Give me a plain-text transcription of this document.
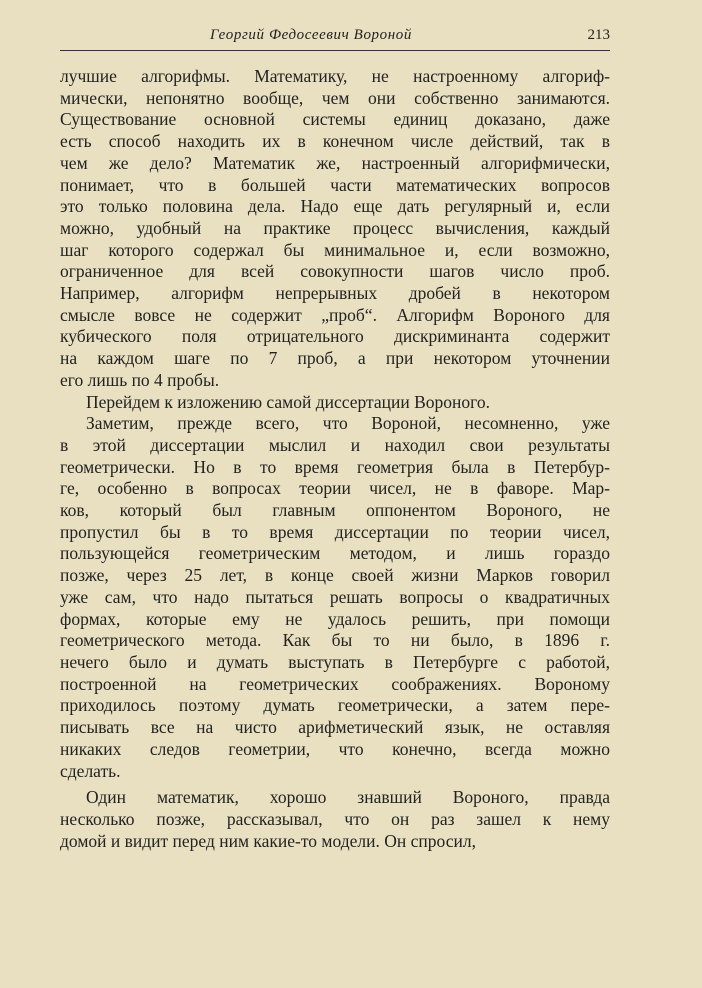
Георгий Федосеевич Вороной	213
лучшие алгорифмы. Математику, не настроенному алгориф-
мически, непонятно вообще, чем они собственно занимаются.
Существование основной системы единиц доказано, даже
есть способ находить их в конечном числе действий, так в
чем же дело? Математик же, настроенный алгорифмически,
понимает, что в большей части математических вопросов
это только половина дела. Надо еще дать регулярный и, если
можно, удобный на практике процесс вычисления, каждый
шаг которого содержал бы минимальное и, если возможно,
ограниченное для всей совокупности шагов число проб.
Например, алгорифм непрерывных дробей в некотором
смысле вовсе не содержит „проб“. Алгорифм Вороного для
кубического поля отрицательного дискриминанта содержит
на каждом шаге по 7 проб, а при некотором уточнении
его лишь по 4 пробы.
Перейдем к изложению самой диссертации Вороного.
Заметим, прежде всего, что Вороной, несомненно, уже
в этой диссертации мыслил и находил свои результаты
геометрически. Но в то время геометрия была в Петербур-
ге, особенно в вопросах теории чисел, не в фаворе. Мар-
ков, который был главным оппонентом Вороного, не
пропустил бы в то время диссертации по теории чисел,
пользующейся геометрическим методом, и лишь гораздо
позже, через 25 лет, в конце своей жизни Марков говорил
уже сам, что надо пытаться решать вопросы о квадратичных
формах, которые ему не удалось решить, при помощи
геометрического метода. Как бы то ни было, в 1896 г.
нечего было и думать выступать в Петербурге с работой,
построенной на геометрических соображениях. Вороному
приходилось поэтому думать геометрически, а затем пере-
писывать все на чисто арифметический язык, не оставляя
никаких следов геометрии, что конечно, всегда можно
сделать.
Один математик, хорошо знавший Вороного, правда
несколько позже, рассказывал, что он раз зашел к нему
домой и видит перед ним какие-то модели. Он спросил,
